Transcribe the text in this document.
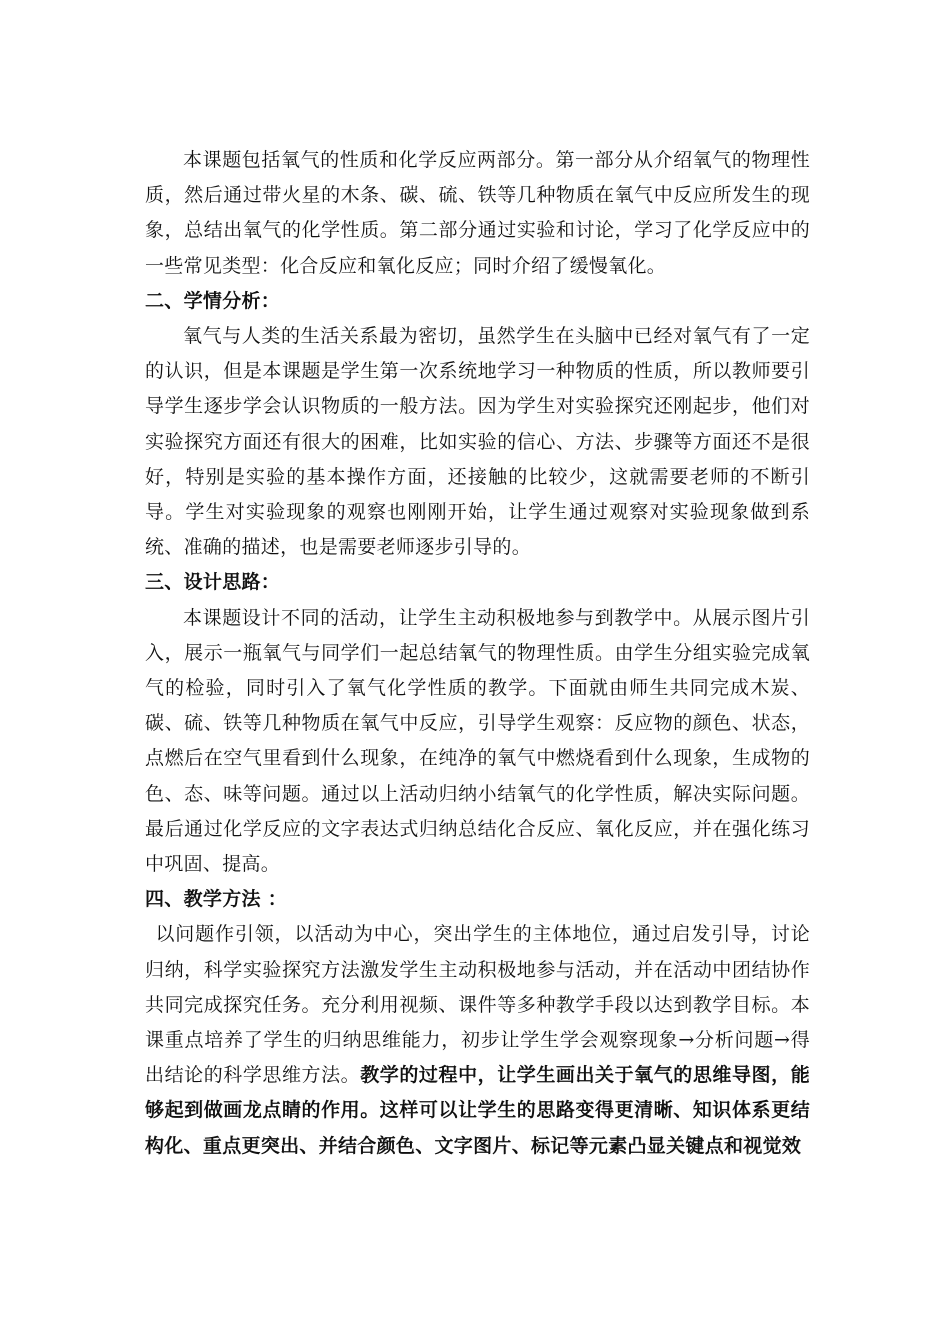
本课题包括氧气的性质和化学反应两部分。第一部分从介绍氧气的物理性质，然后通过带火星的木条、碳、硫、铁等几种物质在氧气中反应所发生的现象，总结出氧气的化学性质。第二部分通过实验和讨论，学习了化学反应中的一些常见类型：化合反应和氧化反应；同时介绍了缓慢氧化。

二、学情分析：

氧气与人类的生活关系最为密切，虽然学生在头脑中已经对氧气有了一定的认识，但是本课题是学生第一次系统地学习一种物质的性质，所以教师要引导学生逐步学会认识物质的一般方法。因为学生对实验探究还刚起步，他们对实验探究方面还有很大的困难，比如实验的信心、方法、步骤等方面还不是很好，特别是实验的基本操作方面，还接触的比较少，这就需要老师的不断引导。学生对实验现象的观察也刚刚开始，让学生通过观察对实验现象做到系统、准确的描述，也是需要老师逐步引导的。

三、设计思路：

本课题设计不同的活动，让学生主动积极地参与到教学中。从展示图片引入，展示一瓶氧气与同学们一起总结氧气的物理性质。由学生分组实验完成氧气的检验，同时引入了氧气化学性质的教学。下面就由师生共同完成木炭、碳、硫、铁等几种物质在氧气中反应，引导学生观察：反应物的颜色、状态，点燃后在空气里看到什么现象，在纯净的氧气中燃烧看到什么现象，生成物的色、态、味等问题。通过以上活动归纳小结氧气的化学性质，解决实际问题。最后通过化学反应的文字表达式归纳总结化合反应、氧化反应，并在强化练习中巩固、提高。

四、教学方法 ：

以问题作引领，以活动为中心，突出学生的主体地位，通过启发引导，讨论归纳，科学实验探究方法激发学生主动积极地参与活动，并在活动中团结协作共同完成探究任务。充分利用视频、课件等多种教学手段以达到教学目标。本课重点培养了学生的归纳思维能力，初步让学生学会观察现象→分析问题→得出结论的科学思维方法。教学的过程中，让学生画出关于氧气的思维导图，能够起到做画龙点睛的作用。这样可以让学生的思路变得更清晰、知识体系更结构化、重点更突出、并结合颜色、文字图片、标记等元素凸显关键点和视觉效
